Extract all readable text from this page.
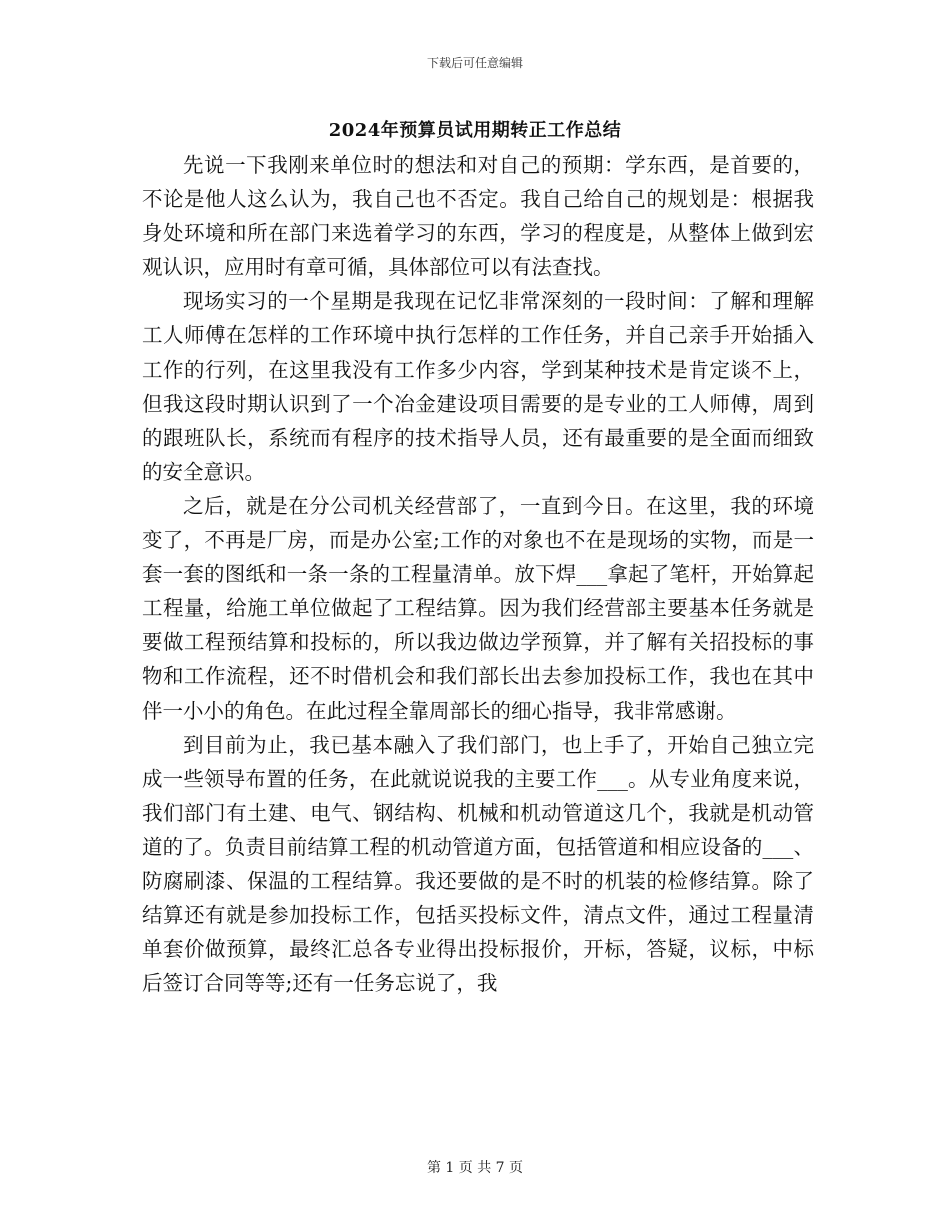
下载后可任意编辑
2024年预算员试用期转正工作总结

先说一下我刚来单位时的想法和对自己的预期：学东西，是首要的，不论是他人这么认为，我自己也不否定。我自己给自己的规划是：根据我身处环境和所在部门来选着学习的东西，学习的程度是，从整体上做到宏观认识，应用时有章可循，具体部位可以有法查找。

现场实习的一个星期是我现在记忆非常深刻的一段时间：了解和理解工人师傅在怎样的工作环境中执行怎样的工作任务，并自己亲手开始插入工作的行列，在这里我没有工作多少内容，学到某种技术是肯定谈不上，但我这段时期认识到了一个冶金建设项目需要的是专业的工人师傅，周到的跟班队长，系统而有程序的技术指导人员，还有最重要的是全面而细致的安全意识。

之后，就是在分公司机关经营部了，一直到今日。在这里，我的环境变了，不再是厂房，而是办公室;工作的对象也不在是现场的实物，而是一套一套的图纸和一条一条的工程量清单。放下焊___拿起了笔杆，开始算起工程量，给施工单位做起了工程结算。因为我们经营部主要基本任务就是要做工程预结算和投标的，所以我边做边学预算，并了解有关招投标的事物和工作流程，还不时借机会和我们部长出去参加投标工作，我也在其中伴一小小的角色。在此过程全靠周部长的细心指导，我非常感谢。

到目前为止，我已基本融入了我们部门，也上手了，开始自己独立完成一些领导布置的任务，在此就说说我的主要工作___。从专业角度来说，我们部门有土建、电气、钢结构、机械和机动管道这几个，我就是机动管道的了。负责目前结算工程的机动管道方面，包括管道和相应设备的___、防腐刷漆、保温的工程结算。我还要做的是不时的机装的检修结算。除了结算还有就是参加投标工作，包括买投标文件，清点文件，通过工程量清单套价做预算，最终汇总各专业得出投标报价，开标，答疑，议标，中标后签订合同等等;还有一任务忘说了，我

第 1 页 共 7 页
